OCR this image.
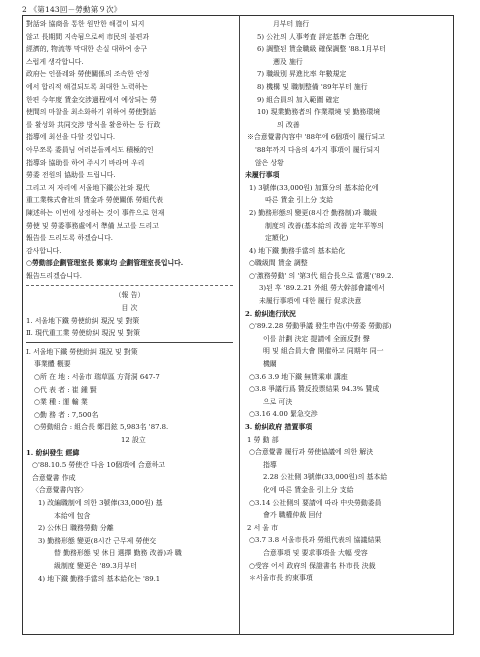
2 《第143回－勞動第９次》
對話와 協商을 통한 원만한 해결이 되지
않고 長期間 지속됨으로써 市民의 불편과
經濟的, 物流等 막대한 손실 대하여 송구
스럽게 생각합니다.
政府는 인플레와 勞使關係의 조속한 안정
에서 합리적 해결되도록 최대한 노력하는
한편 今年度 賃金交涉過程에서 예상되는 勞
使間의 마찰을 최소화하기 위하여 勞使對話
를 활성화 共同交涉 방식을 활용하는 등 行政
指導에 최선을 다할 것입니다.
아무쪼록 委員님 여러분들께서도 積極的인
指導와 協助를 하여 주시기 바라며 우리
勞委 전원의 協助를 드립니다.
그리고 저 자리에 서울地下鐵公社와 現代
重工業株式會社의 賃金과 勞使關係 勞組代表
陳述하는 이번에 상정하는 것이 事件으로 현재
勞使 및 勞委事務處에서 準備 보고를 드리고
報告를 드리도록 하겠습니다.
감사합니다.
○勞動部企劃管理室長 鄭東均 企劃管理室長입니다.
報告드리겠습니다.
（報 告）
目 次
1. 서울地下鐵 勞使紛糾 現況 및 對策
Ⅱ. 現代重工業 勞使紛糾 現況 및 對策
Ⅰ. 서울地下鐵 勞使紛糾 現況 및 對策
事業體 槪要
○所 在 地 : 서울市 瑞草區 方背洞 647-7
○代 表 者 : 崔 鍾 賢
○業 種 : 運 輸 業
○勤 務 者 : 7,500名
○勞動組合 : 組合長 鄭昌鉉 5,983名 '87.8.
12 設立
1. 紛糾發生 經緯
○'88.10.5 勞使간 다음 10個項에 合意하고
合意覺書 作成
〈合意覺書內容〉
1) 改編職制에 의한 3號俸(33,000원) 基
本給에 包含
2) 公休日 職務勞動 分離
3) 勤務形態 變更(8시간 근무제 勞使交
替 勤務形態 및 休日 選擇 勤務 改善)과 職
級制度 變更은 '89.3月부터
4) 地下鐵 勤務手當의 基本給化는 '89.1
月부터 施行
5) 公社의 人事考査 評定基準 合理化
6) 調整된 賃金職級 確保調整 '88.1月부터
遡及 施行
7) 職級別 昇進比率 年數規定
8) 機構 및 職制整備 '89年부터 施行
9) 組合員의 加入範圍 確定
10) 現業勤務者의 作業環境 및 勤務環境
의 改善
※合意覺書內容中 '88年에 6個項이 履行되고
'88年까지 다음의 4가지 事項이 履行되지
않은 상황
未履行事項
1) 3號俸(33,000원) 加算分의 基本給化에
따른 賃金 引上分 支給
2) 勤務形態의 變更(8시간 勤務制)과 職級
制度의 改善(基本給의 改善 定年平等의
定額化)
4) 地下鐵 勤務手當의 基本給化
○職級間 賃金 調整
○'激務勞動' 의 '第3代 組合長으로 當選'('89.2.
3)된 후 '89.2.21 外組 勞大幹部會議에서
未履行事項에 대한 履行 促求決意
2. 紛糾進行狀況
○'89.2.28 勞動爭議 發生申告(中勞委 勞動部)
이를 計劃 決定 提請에 全面反對 聲
明 및 組合員大會 開催하고 同期年 同一
機關
○3.6 3.9 地下鐵 無賃乘車 講座
○3.8 爭議行爲 贊反投票結果 94.3% 贊成
으로 可決
○3.16 4.00 緊急交渉
3. 紛糾政府 措置事項
1 勞 動 部
○合意覺書 履行과 勞使協議에 의한 解決
指導
2.28 公社側 3號俸(33,000원)의 基本給
化에 따른 賃金을 引上分 支給
○3.14 公社側의 要請에 따라 中央勞動委員
會가 職權仲裁 回付
2 서 울 市
○3.7 3.8 서울市長과 勞組代表의 協議結果
合意事項 및 要求事項을 大幅 受容
○受容 어서 政府의 保證書名 朴市長 決裁
＊서울市長 約束事項
